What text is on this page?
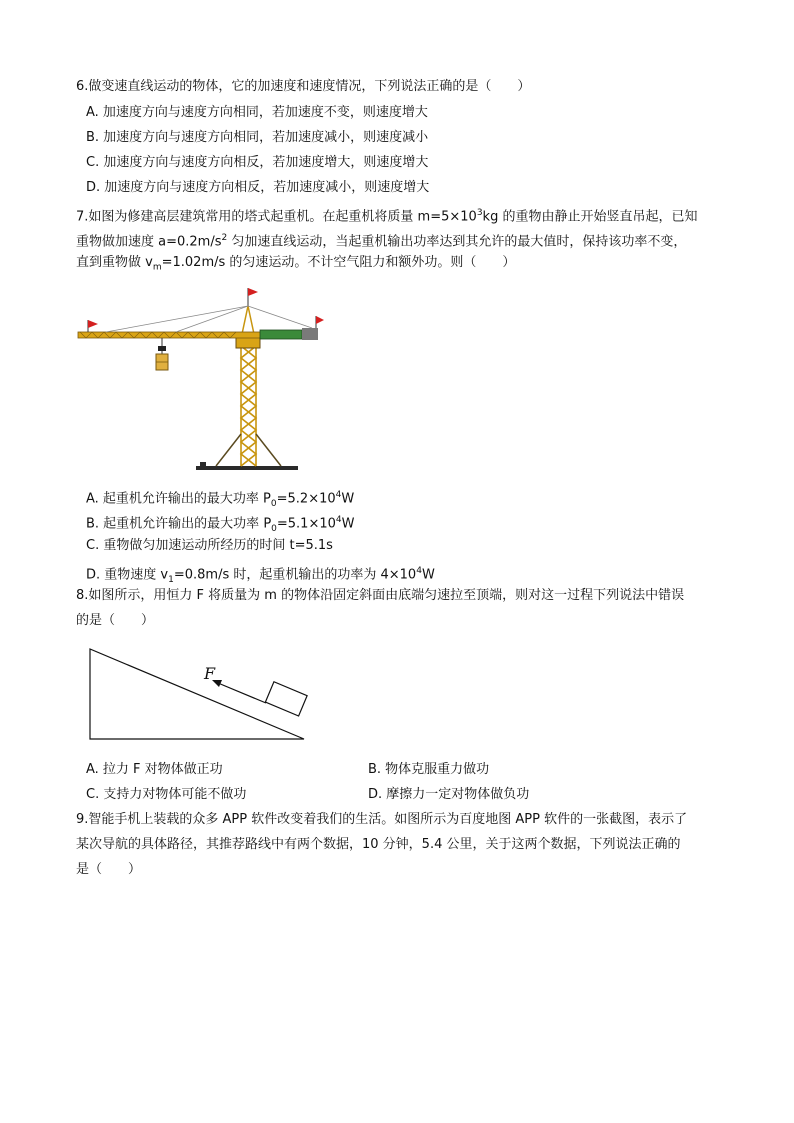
6.做变速直线运动的物体，它的加速度和速度情况，下列说法正确的是（　　）
A. 加速度方向与速度方向相同，若加速度不变，则速度增大
B. 加速度方向与速度方向相同，若加速度减小，则速度减小
C. 加速度方向与速度方向相反，若加速度增大，则速度增大
D. 加速度方向与速度方向相反，若加速度减小，则速度增大
7.如图为修建高层建筑常用的塔式起重机。在起重机将质量 $m=5\times 10^3kg$ 的重物由静止开始竖直吊起，已知
重物做加速度 $a=0.2m/s^2$ 匀加速直线运动，当起重机输出功率达到其允许的最大值时，保持该功率不变，
直到重物做 $v_m=1.02m/s$ 的匀速运动。不计空气阻力和额外功。则（　　）
A. 起重机允许输出的最大功率 $P_0=5.2\times 10^4W$
B. 起重机允许输出的最大功率 $P_0=5.1\times 10^4W$
C. 重物做匀加速运动所经历的时间 t=5.1s
D. 重物速度 $v_1=0.8m/s$ 时，起重机输出的功率为 $4\times 10^4W$
8.如图所示，用恒力 F 将质量为 m 的物体沿固定斜面由底端匀速拉至顶端，则对这一过程下列说法中错误
的是（　　）
F
A. 拉力 F 对物体做正功	B. 物体克服重力做功
C. 支持力对物体可能不做功	D. 摩擦力一定对物体做负功
9.智能手机上装载的众多 APP 软件改变着我们的生活。如图所示为百度地图 APP 软件的一张截图，表示了
某次导航的具体路径，其推荐路线中有两个数据，10 分钟，5.4 公里，关于这两个数据，下列说法正确的
是（　　）
